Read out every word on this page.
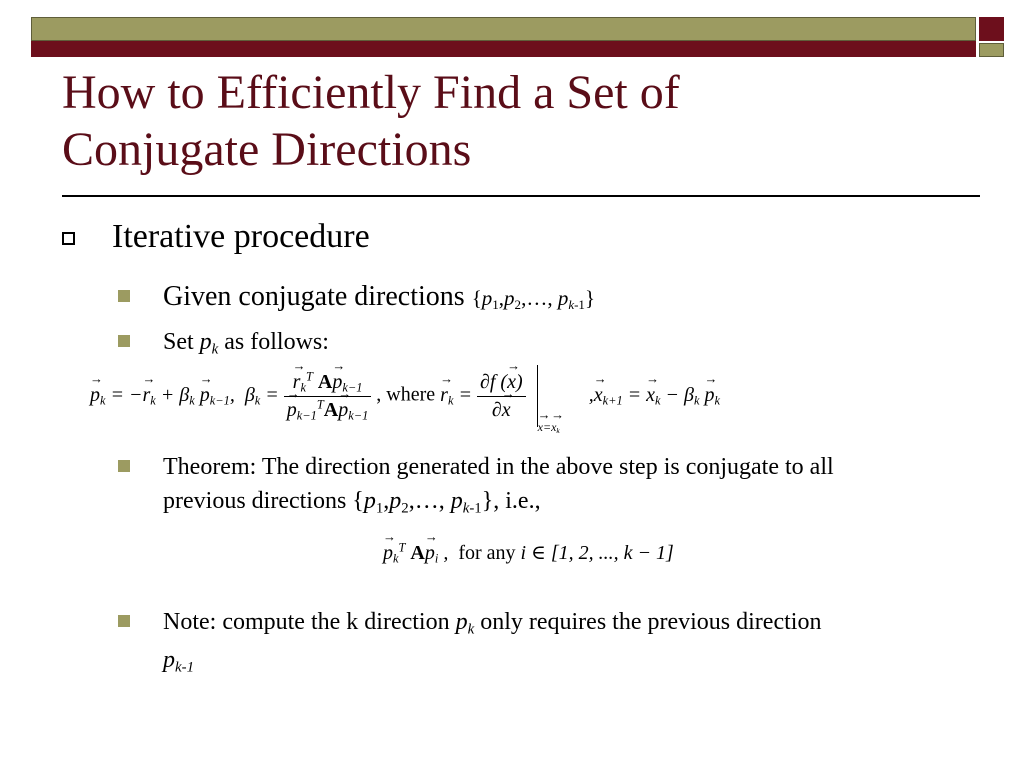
How to Efficiently Find a Set of
Conjugate Directions
Iterative procedure
Given conjugate directions {$p_1,p_2,\dots$, $p_{k-1}$}
Set $p_k$ as follows:
→ $p_k$ = −→ $r_k + \beta_k \to p_{k-1}$,  $\beta_k$ = → $r_k^T$ $A\to p_{k-1}$
→ $p_{k-1}^TA\to p_{k-1}$ , where → $r_k = \frac{\partial f (\to x)}{\partial\to x}$
→ $x=\to x_k$ ,→ $x_{k+1}$ = → $x_k - \beta_k \to p_k$
Theorem: The direction generated in the above step is conjugate to all
previous directions {$p_1,p_2,\dots$, $p_{k-1}$}, i.e.,
→ $p_k^T$ $A\to p_i$ ,  for any i ∈ [1, 2, ..., k − 1]
Note: compute the k direction $p_k$ only requires the previous direction
$p_{k-1}$
